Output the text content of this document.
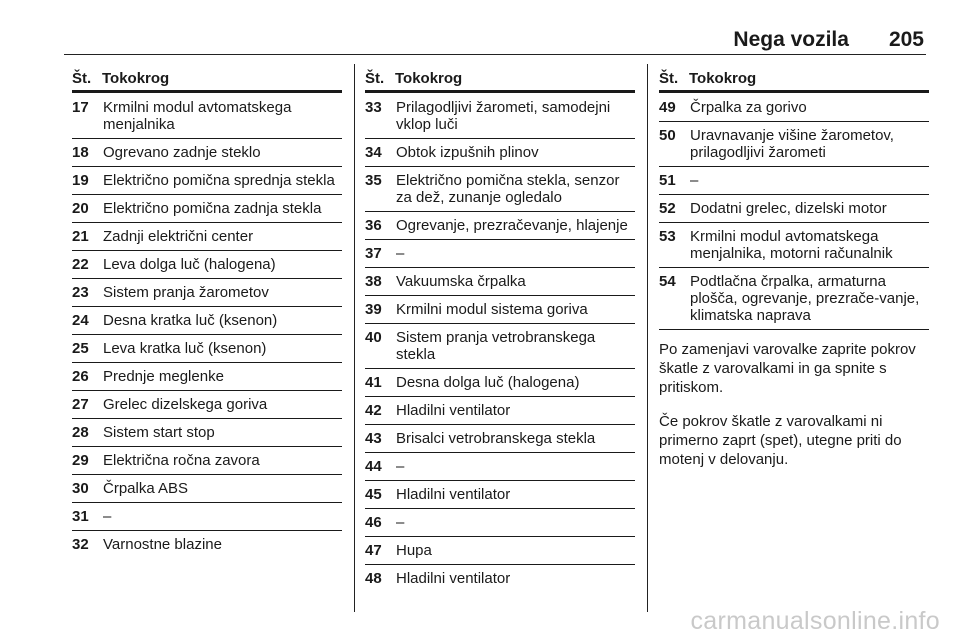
Nega vozila 205
Št. Tokokrog
17 Krmilni modul avtomatskega menjalnika
18 Ogrevano zadnje steklo
19 Električno pomična sprednja stekla
20 Električno pomična zadnja stekla
21 Zadnji električni center
22 Leva dolga luč (halogena)
23 Sistem pranja žarometov
24 Desna kratka luč (ksenon)
25 Leva kratka luč (ksenon)
26 Prednje meglenke
27 Grelec dizelskega goriva
28 Sistem start stop
29 Električna ročna zavora
30 Črpalka ABS
31 –
32 Varnostne blazine
Št. Tokokrog
33 Prilagodljivi žarometi, samodejni vklop luči
34 Obtok izpušnih plinov
35 Električno pomična stekla, senzor za dež, zunanje ogledalo
36 Ogrevanje, prezračevanje, hlajenje
37 –
38 Vakuumska črpalka
39 Krmilni modul sistema goriva
40 Sistem pranja vetrobranskega stekla
41 Desna dolga luč (halogena)
42 Hladilni ventilator
43 Brisalci vetrobranskega stekla
44 –
45 Hladilni ventilator
46 –
47 Hupa
48 Hladilni ventilator
Št. Tokokrog
49 Črpalka za gorivo
50 Uravnavanje višine žarometov, prilagodljivi žarometi
51 –
52 Dodatni grelec, dizelski motor
53 Krmilni modul avtomatskega menjalnika, motorni računalnik
54 Podtlačna črpalka, armaturna plošča, ogrevanje, prezrače-vanje, klimatska naprava

Po zamenjavi varovalke zaprite pokrov škatle z varovalkami in ga spnite s pritiskom.

Če pokrov škatle z varovalkami ni primerno zaprt (spet), utegne priti do motenj v delovanju.

carmanualsonline.info
